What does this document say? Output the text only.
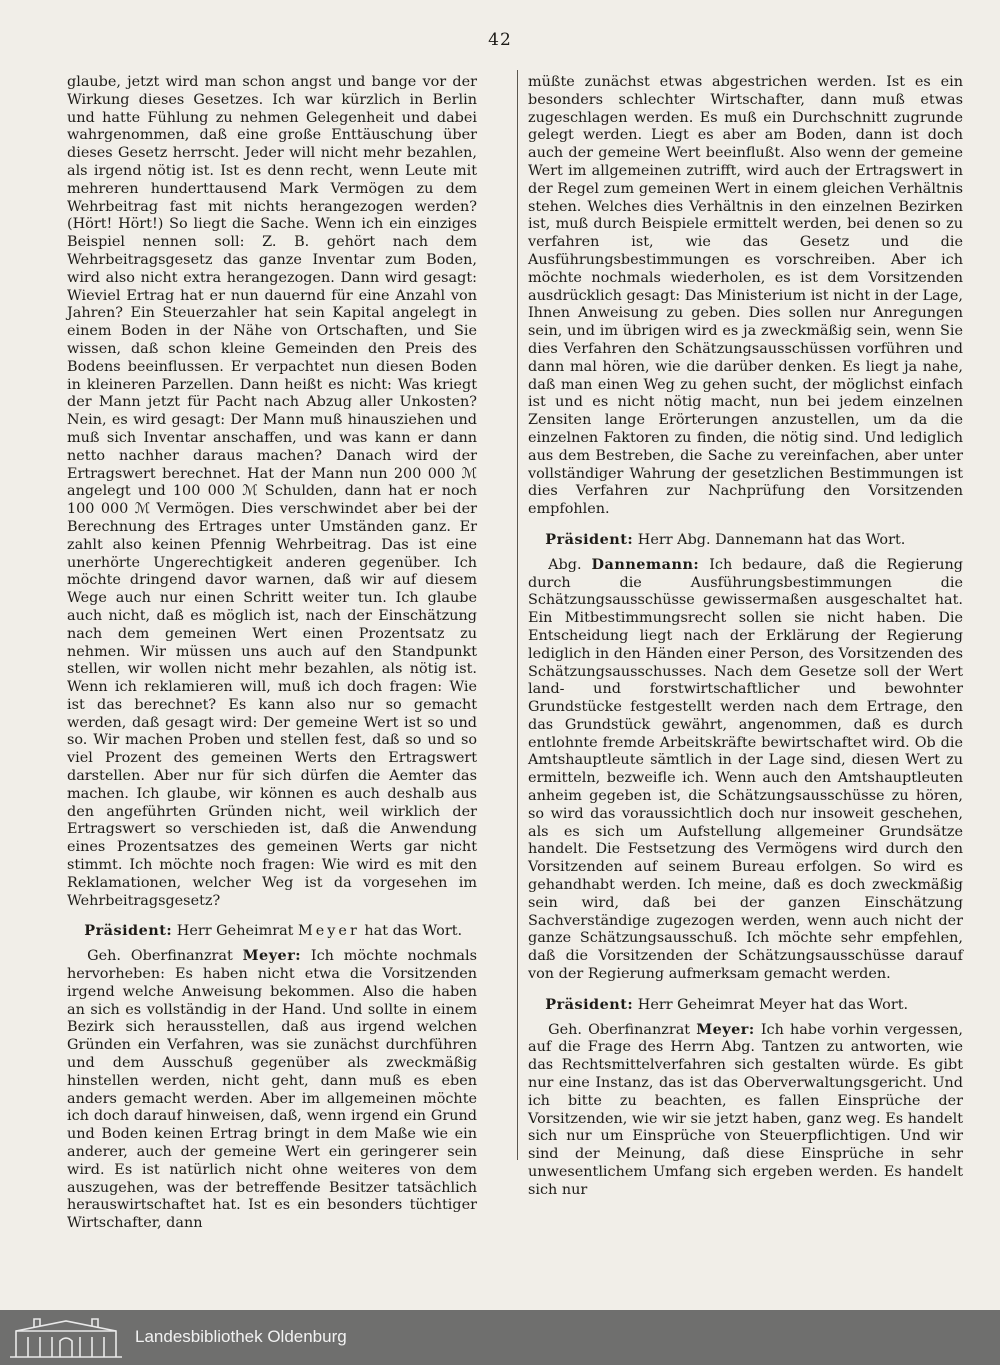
42

glaube, jetzt wird man schon angst und bange vor der Wirkung dieses Gesetzes. Ich war kürzlich in Berlin und hatte Fühlung zu nehmen Gelegenheit und dabei wahrgenommen, daß eine große Enttäuschung über dieses Gesetz herrscht. Jeder will nicht mehr bezahlen, als irgend nötig ist. Ist es denn recht, wenn Leute mit mehreren hunderttausend Mark Vermögen zu dem Wehrbeitrag fast mit nichts herangezogen werden? (Hört! Hört!) So liegt die Sache. Wenn ich ein einziges Beispiel nennen soll: Z. B. gehört nach dem Wehrbeitragsgesetz das ganze Inventar zum Boden, wird also nicht extra herangezogen. Dann wird gesagt: Wieviel Ertrag hat er nun dauernd für eine Anzahl von Jahren? Ein Steuerzahler hat sein Kapital angelegt in einem Boden in der Nähe von Ortschaften, und Sie wissen, daß schon kleine Gemeinden den Preis des Bodens beeinflussen. Er verpachtet nun diesen Boden in kleineren Parzellen. Dann heißt es nicht: Was kriegt der Mann jetzt für Pacht nach Abzug aller Unkosten? Nein, es wird gesagt: Der Mann muß hinausziehen und muß sich Inventar anschaffen, und was kann er dann netto nachher daraus machen? Danach wird der Ertragswert berechnet. Hat der Mann nun 200 000 ℳ angelegt und 100 000 ℳ Schulden, dann hat er noch 100 000 ℳ Vermögen. Dies verschwindet aber bei der Berechnung des Ertrages unter Umständen ganz. Er zahlt also keinen Pfennig Wehrbeitrag. Das ist eine unerhörte Ungerechtigkeit anderen gegenüber. Ich möchte dringend davor warnen, daß wir auf diesem Wege auch nur einen Schritt weiter tun. Ich glaube auch nicht, daß es möglich ist, nach der Einschätzung nach dem gemeinen Wert einen Prozentsatz zu nehmen. Wir müssen uns auch auf den Standpunkt stellen, wir wollen nicht mehr bezahlen, als nötig ist. Wenn ich reklamieren will, muß ich doch fragen: Wie ist das berechnet? Es kann also nur so gemacht werden, daß gesagt wird: Der gemeine Wert ist so und so. Wir machen Proben und stellen fest, daß so und so viel Prozent des gemeinen Werts den Ertragswert darstellen. Aber nur für sich dürfen die Aemter das machen. Ich glaube, wir können es auch deshalb aus den angeführten Gründen nicht, weil wirklich der Ertragswert so verschieden ist, daß die Anwendung eines Prozentsatzes des gemeinen Werts gar nicht stimmt. Ich möchte noch fragen: Wie wird es mit den Reklamationen, welcher Weg ist da vorgesehen im Wehrbeitragsgesetz?

Präsident: Herr Geheimrat Meyer hat das Wort.

Geh. Oberfinanzrat Meyer: Ich möchte nochmals hervorheben: Es haben nicht etwa die Vorsitzenden irgend welche Anweisung bekommen. Also die haben an sich es vollständig in der Hand. Und sollte in einem Bezirk sich herausstellen, daß aus irgend welchen Gründen ein Verfahren, was sie zunächst durchführen und dem Ausschuß gegenüber als zweckmäßig hinstellen werden, nicht geht, dann muß es eben anders gemacht werden. Aber im allgemeinen möchte ich doch darauf hinweisen, daß, wenn irgend ein Grund und Boden keinen Ertrag bringt in dem Maße wie ein anderer, auch der gemeine Wert ein geringerer sein wird. Es ist natürlich nicht ohne weiteres von dem auszugehen, was der betreffende Besitzer tatsächlich herauswirtschaftet hat. Ist es ein besonders tüchtiger Wirtschafter, dann

müßte zunächst etwas abgestrichen werden. Ist es ein besonders schlechter Wirtschafter, dann muß etwas zugeschlagen werden. Es muß ein Durchschnitt zugrunde gelegt werden. Liegt es aber am Boden, dann ist doch auch der gemeine Wert beeinflußt. Also wenn der gemeine Wert im allgemeinen zutrifft, wird auch der Ertragswert in der Regel zum gemeinen Wert in einem gleichen Verhältnis stehen. Welches dies Verhältnis in den einzelnen Bezirken ist, muß durch Beispiele ermittelt werden, bei denen so zu verfahren ist, wie das Gesetz und die Ausführungsbestimmungen es vorschreiben. Aber ich möchte nochmals wiederholen, es ist dem Vorsitzenden ausdrücklich gesagt: Das Ministerium ist nicht in der Lage, Ihnen Anweisung zu geben. Dies sollen nur Anregungen sein, und im übrigen wird es ja zweckmäßig sein, wenn Sie dies Verfahren den Schätzungsausschüssen vorführen und dann mal hören, wie die darüber denken. Es liegt ja nahe, daß man einen Weg zu gehen sucht, der möglichst einfach ist und es nicht nötig macht, nun bei jedem einzelnen Zensiten lange Erörterungen anzustellen, um da die einzelnen Faktoren zu finden, die nötig sind. Und lediglich aus dem Bestreben, die Sache zu vereinfachen, aber unter vollständiger Wahrung der gesetzlichen Bestimmungen ist dies Verfahren zur Nachprüfung den Vorsitzenden empfohlen.

Präsident: Herr Abg. Dannemann hat das Wort.

Abg. Dannemann: Ich bedaure, daß die Regierung durch die Ausführungsbestimmungen die Schätzungsausschüsse gewissermaßen ausgeschaltet hat. Ein Mitbestimmungsrecht sollen sie nicht haben. Die Entscheidung liegt nach der Erklärung der Regierung lediglich in den Händen einer Person, des Vorsitzenden des Schätzungsausschusses. Nach dem Gesetze soll der Wert land- und forstwirtschaftlicher und bewohnter Grundstücke festgestellt werden nach dem Ertrage, den das Grundstück gewährt, angenommen, daß es durch entlohnte fremde Arbeitskräfte bewirtschaftet wird. Ob die Amtshauptleute sämtlich in der Lage sind, diesen Wert zu ermitteln, bezweifle ich. Wenn auch den Amtshauptleuten anheim gegeben ist, die Schätzungsausschüsse zu hören, so wird das voraussichtlich doch nur insoweit geschehen, als es sich um Aufstellung allgemeiner Grundsätze handelt. Die Festsetzung des Vermögens wird durch den Vorsitzenden auf seinem Bureau erfolgen. So wird es gehandhabt werden. Ich meine, daß es doch zweckmäßig sein wird, daß bei der ganzen Einschätzung Sachverständige zugezogen werden, wenn auch nicht der ganze Schätzungsausschuß. Ich möchte sehr empfehlen, daß die Vorsitzenden der Schätzungsausschüsse darauf von der Regierung aufmerksam gemacht werden.

Präsident: Herr Geheimrat Meyer hat das Wort.

Geh. Oberfinanzrat Meyer: Ich habe vorhin vergessen, auf die Frage des Herrn Abg. Tantzen zu antworten, wie das Rechtsmittelverfahren sich gestalten würde. Es gibt nur eine Instanz, das ist das Oberverwaltungsgericht. Und ich bitte zu beachten, es fallen Einsprüche der Vorsitzenden, wie wir sie jetzt haben, ganz weg. Es handelt sich nur um Einsprüche von Steuerpflichtigen. Und wir sind der Meinung, daß diese Einsprüche in sehr unwesentlichem Umfang sich ergeben werden. Es handelt sich nur

Landesbibliothek Oldenburg
